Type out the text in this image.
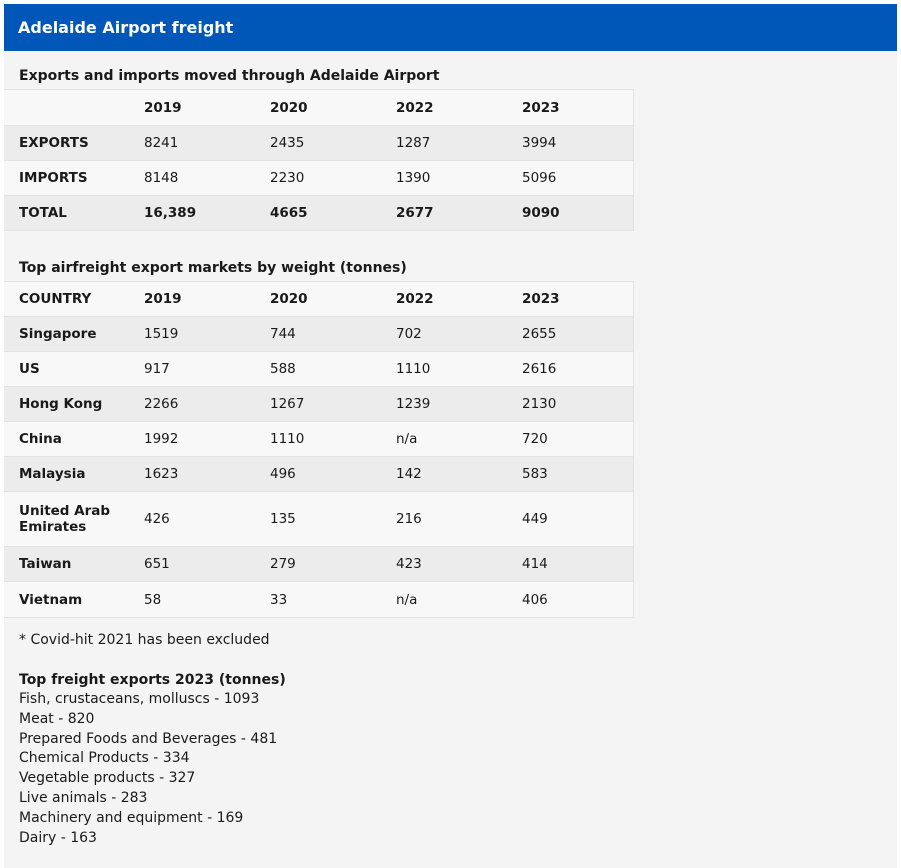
Adelaide Airport freight
Exports and imports moved through Adelaide Airport
	2019	2020	2022	2023
EXPORTS	8241	2435	1287	3994
IMPORTS	8148	2230	1390	5096
TOTAL	16,389	4665	2677	9090
Top airfreight export markets by weight (tonnes)
COUNTRY	2019	2020	2022	2023
Singapore	1519	744	702	2655
US	917	588	1110	2616
Hong Kong	2266	1267	1239	2130
China	1992	1110	n/a	720
Malaysia	1623	496	142	583
United Arab Emirates	426	135	216	449
Taiwan	651	279	423	414
Vietnam	58	33	n/a	406
* Covid-hit 2021 has been excluded
Top freight exports 2023 (tonnes)
Fish, crustaceans, molluscs - 1093
Meat - 820
Prepared Foods and Beverages - 481
Chemical Products - 334
Vegetable products - 327
Live animals - 283
Machinery and equipment - 169
Dairy - 163
